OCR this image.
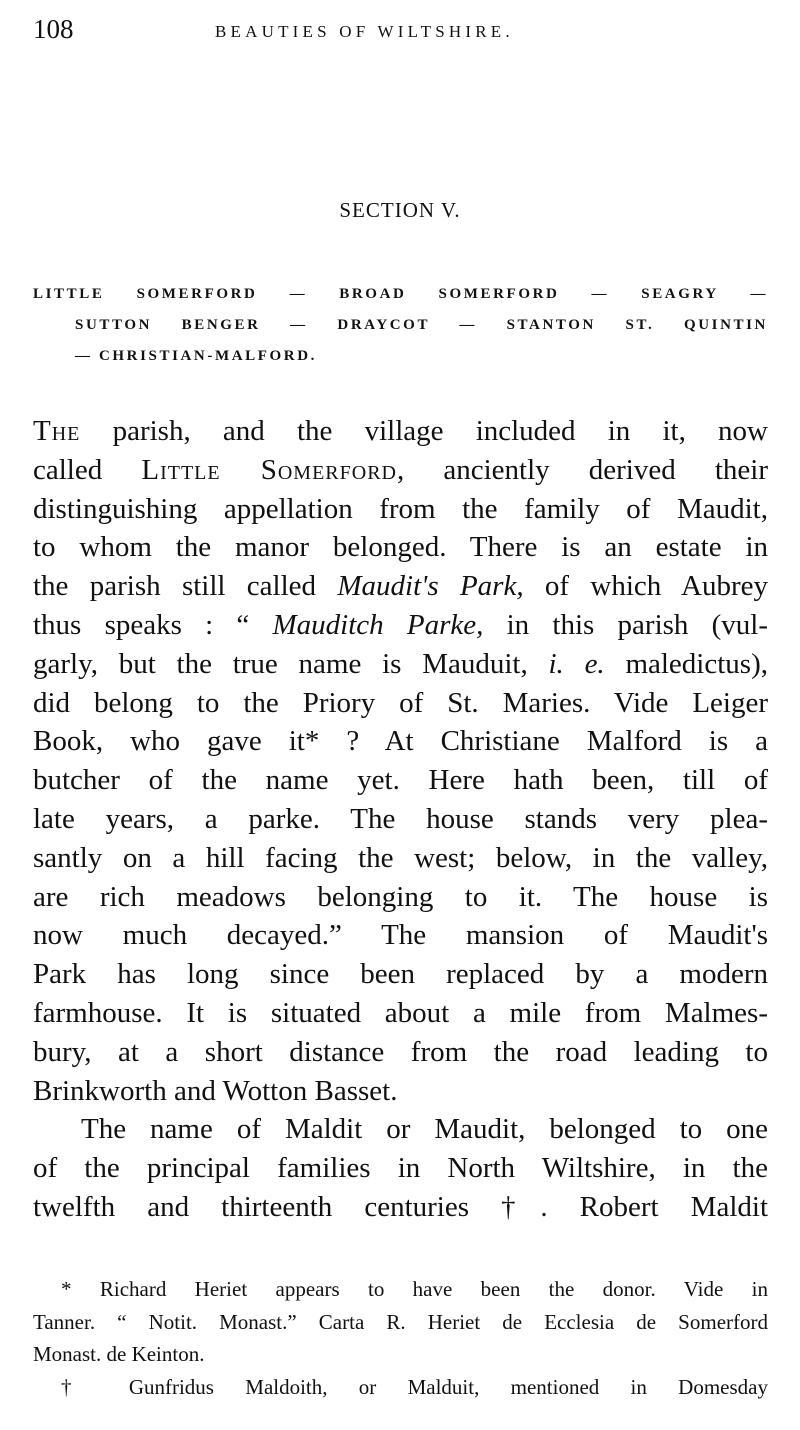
108	BEAUTIES OF WILTSHIRE.
SECTION V.
LITTLE SOMERFORD — BROAD SOMERFORD — SEAGRY —
SUTTON BENGER — DRAYCOT — STANTON ST. QUINTIN
— CHRISTIAN-MALFORD.
The parish, and the village included in it, now
called Little Somerford, anciently derived their
distinguishing appellation from the family of Maudit,
to whom the manor belonged. There is an estate in
the parish still called Maudit's Park, of which Aubrey
thus speaks : “ Mauditch Parke, in this parish (vul-
garly, but the true name is Mauduit, i. e. maledictus),
did belong to the Priory of St. Maries. Vide Leiger
Book, who gave it* ? At Christiane Malford is a
butcher of the name yet. Here hath been, till of
late years, a parke. The house stands very plea-
santly on a hill facing the west; below, in the valley,
are rich meadows belonging to it. The house is
now much decayed.” The mansion of Maudit's
Park has long since been replaced by a modern
farmhouse. It is situated about a mile from Malmes-
bury, at a short distance from the road leading to
Brinkworth and Wotton Basset.
The name of Maldit or Maudit, belonged to one
of the principal families in North Wiltshire, in the
twelfth and thirteenth centuries †. Robert Maldit
* Richard Heriet appears to have been the donor. Vide in
Tanner. “ Notit. Monast.” Carta R. Heriet de Ecclesia de Somerford
Monast. de Keinton.
† Gunfridus Maldoith, or Malduit, mentioned in Domesday
